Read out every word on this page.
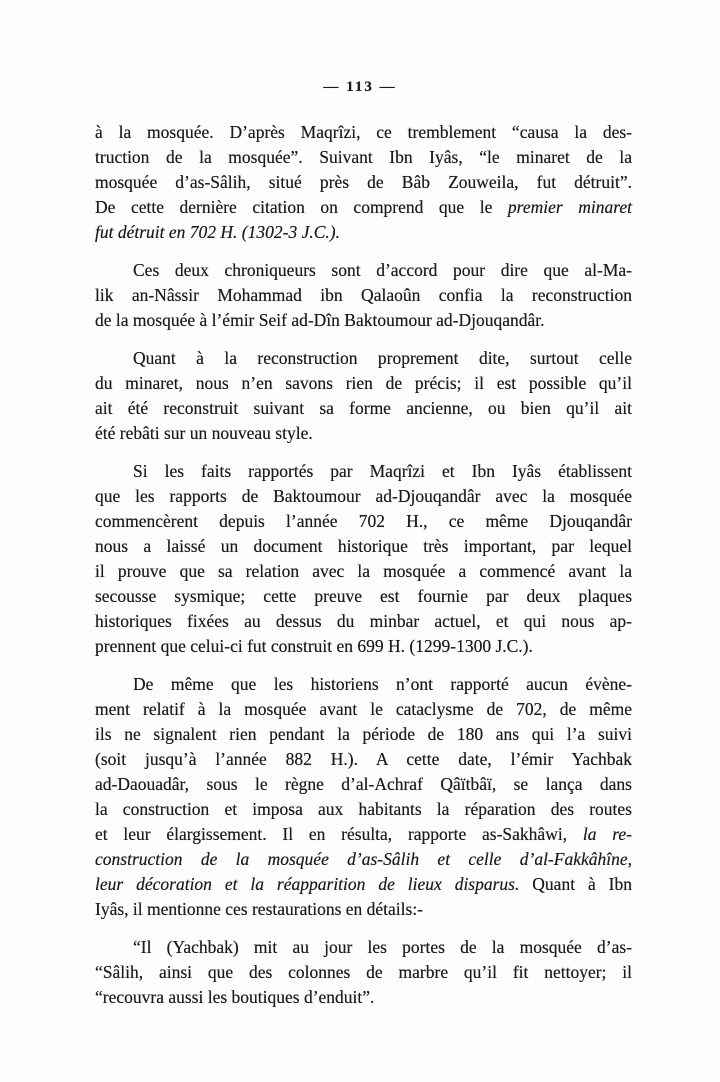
— 113 —
à la mosquée. D’après Maqrîzi, ce tremblement “causa la des-
truction de la mosquée”. Suivant Ibn Iyâs, “le minaret de la
mosquée d’as-Sâlih, situé près de Bâb Zouweila, fut détruit”.
De cette dernière citation on comprend que le premier minaret
fut détruit en 702 H. (1302-3 J.C.).
Ces deux chroniqueurs sont d’accord pour dire que al-Ma-
lik an-Nâssir Mohammad ibn Qalaoûn confia la reconstruction
de la mosquée à l’émir Seif ad-Dîn Baktoumour ad-Djouqandâr.
Quant à la reconstruction proprement dite, surtout celle
du minaret, nous n’en savons rien de précis; il est possible qu’il
ait été reconstruit suivant sa forme ancienne, ou bien qu’il ait
été rebâti sur un nouveau style.
Si les faits rapportés par Maqrîzi et Ibn Iyâs établissent
que les rapports de Baktoumour ad-Djouqandâr avec la mosquée
commencèrent depuis l’année 702 H., ce même Djouqandâr
nous a laissé un document historique très important, par lequel
il prouve que sa relation avec la mosquée a commencé avant la
secousse sysmique; cette preuve est fournie par deux plaques
historiques fixées au dessus du minbar actuel, et qui nous ap-
prennent que celui-ci fut construit en 699 H. (1299-1300 J.C.).
De même que les historiens n’ont rapporté aucun évène-
ment relatif à la mosquée avant le cataclysme de 702, de même
ils ne signalent rien pendant la période de 180 ans qui l’a suivi
(soit jusqu’à l’année 882 H.). A cette date, l’émir Yachbak
ad-Daouadâr, sous le règne d’al-Achraf Qâïtbâï, se lança dans
la construction et imposa aux habitants la réparation des routes
et leur élargissement. Il en résulta, rapporte as-Sakhâwi, la re-
construction de la mosquée d’as-Sâlih et celle d’al-Fakkâhîne,
leur décoration et la réapparition de lieux disparus. Quant à Ibn
Iyâs, il mentionne ces restaurations en détails:-
“Il (Yachbak) mit au jour les portes de la mosquée d’as-
“Sâlih, ainsi que des colonnes de marbre qu’il fit nettoyer; il
“recouvra aussi les boutiques d’enduit”.
